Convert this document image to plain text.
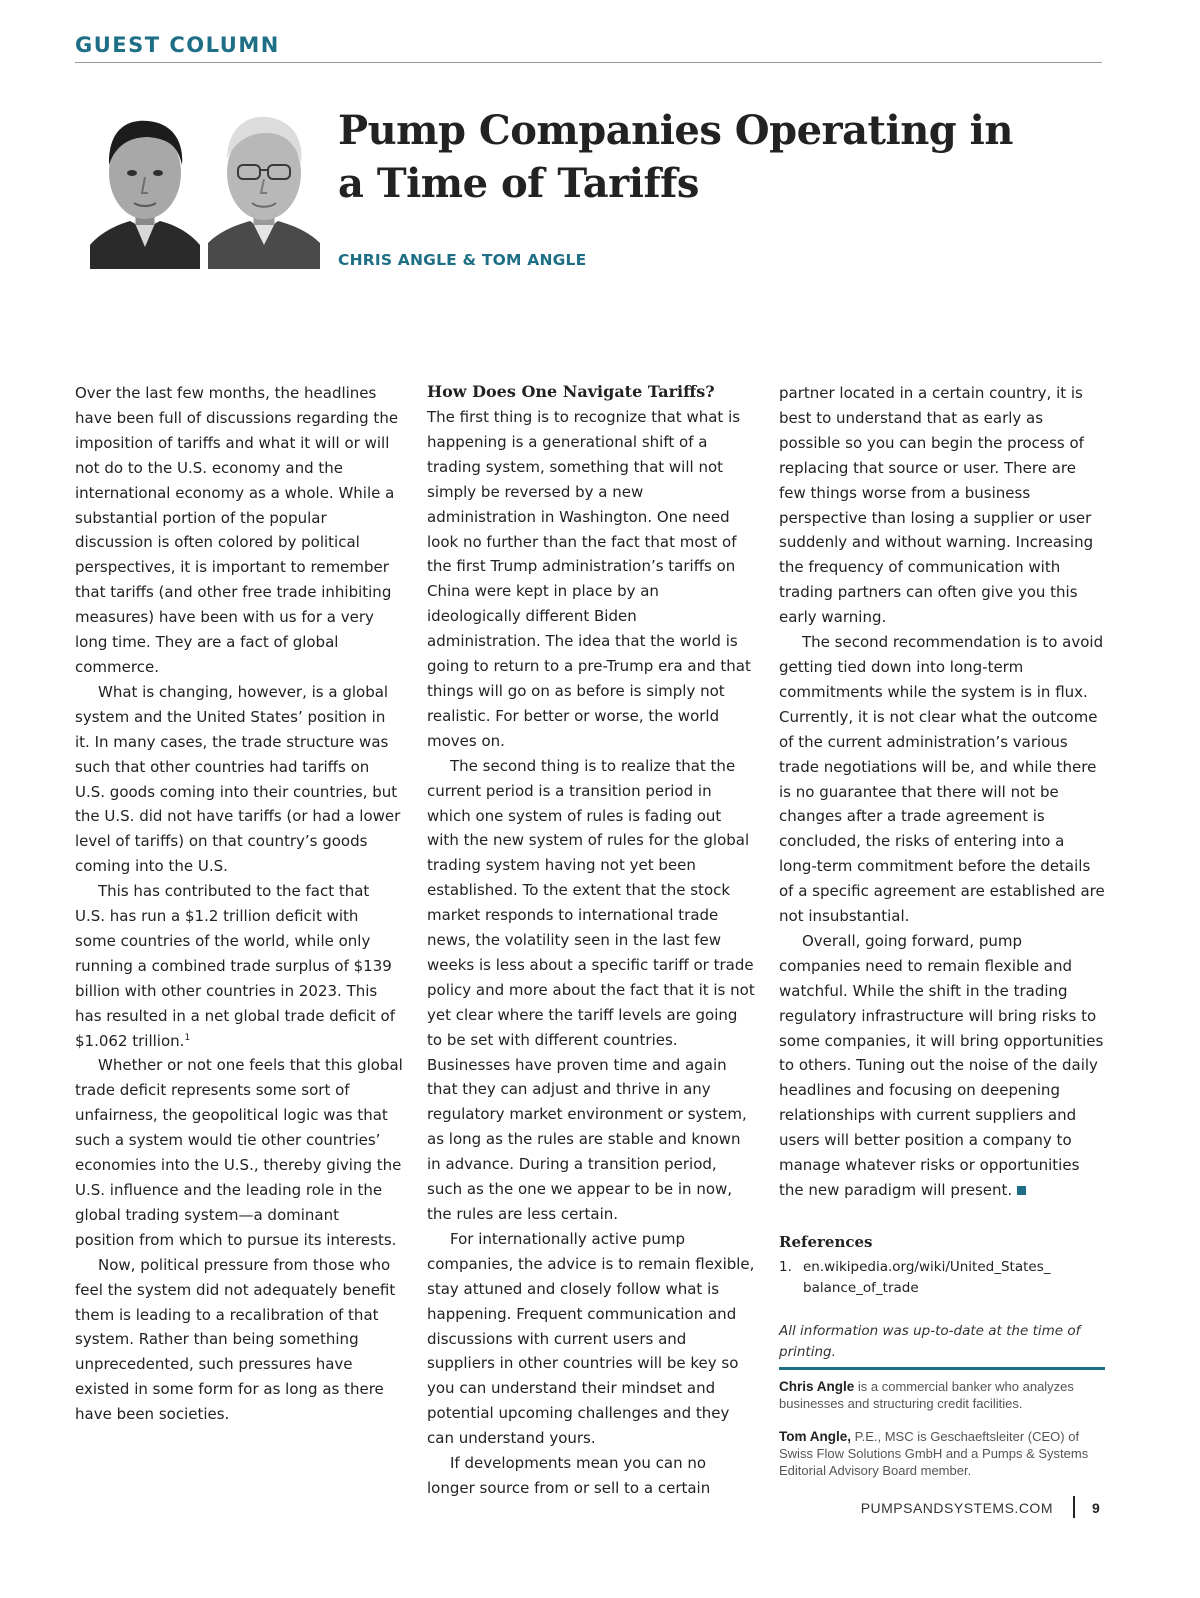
GUEST COLUMN
Pump Companies Operating in
a Time of Tariffs
CHRIS ANGLE & TOM ANGLE

Over the last few months, the headlines have been full of discussions regarding the imposition of tariffs and what it will or will not do to the U.S. economy and the international economy as a whole. While a substantial portion of the popular discussion is often colored by political perspectives, it is important to remember that tariffs (and other free trade inhibiting measures) have been with us for a very long time. They are a fact of global commerce.

What is changing, however, is a global system and the United States’ position in it. In many cases, the trade structure was such that other countries had tariffs on U.S. goods coming into their countries, but the U.S. did not have tariffs (or had a lower level of tariffs) on that country’s goods coming into the U.S.

This has contributed to the fact that U.S. has run a $1.2 trillion deficit with some countries of the world, while only running a combined trade surplus of $139 billion with other countries in 2023. This has resulted in a net global trade deficit of $1.062 trillion.$^1$

Whether or not one feels that this global trade deficit represents some sort of unfairness, the geopolitical logic was that such a system would tie other countries’ economies into the U.S., thereby giving the U.S. influence and the leading role in the global trading system—a dominant position from which to pursue its interests.

Now, political pressure from those who feel the system did not adequately benefit them is leading to a recalibration of that system. Rather than being something unprecedented, such pressures have existed in some form for as long as there have been societies.

How Does One Navigate Tariffs?

The first thing is to recognize that what is happening is a generational shift of a trading system, something that will not simply be reversed by a new administration in Washington. One need look no further than the fact that most of the first Trump administration’s tariffs on China were kept in place by an ideologically different Biden administration. The idea that the world is going to return to a pre-Trump era and that things will go on as before is simply not realistic. For better or worse, the world moves on.

The second thing is to realize that the current period is a transition period in which one system of rules is fading out with the new system of rules for the global trading system having not yet been established. To the extent that the stock market responds to international trade news, the volatility seen in the last few weeks is less about a specific tariff or trade policy and more about the fact that it is not yet clear where the tariff levels are going to be set with different countries. Businesses have proven time and again that they can adjust and thrive in any regulatory market environment or system, as long as the rules are stable and known in advance. During a transition period, such as the one we appear to be in now, the rules are less certain.

For internationally active pump companies, the advice is to remain flexible, stay attuned and closely follow what is happening. Frequent communication and discussions with current users and suppliers in other countries will be key so you can understand their mindset and potential upcoming challenges and they can understand yours.

If developments mean you can no longer source from or sell to a certain

partner located in a certain country, it is best to understand that as early as possible so you can begin the process of replacing that source or user. There are few things worse from a business perspective than losing a supplier or user suddenly and without warning. Increasing the frequency of communication with trading partners can often give you this early warning.

The second recommendation is to avoid getting tied down into long-term commitments while the system is in flux. Currently, it is not clear what the outcome of the current administration’s various trade negotiations will be, and while there is no guarantee that there will not be changes after a trade agreement is concluded, the risks of entering into a long-term commitment before the details of a specific agreement are established are not insubstantial.

Overall, going forward, pump companies need to remain flexible and watchful. While the shift in the trading regulatory infrastructure will bring risks to some companies, it will bring opportunities to others. Tuning out the noise of the daily headlines and focusing on deepening relationships with current suppliers and users will better position a company to manage whatever risks or opportunities the new paradigm will present.

References
1. en.wikipedia.org/wiki/United_States_ balance_of_trade
All information was up-to-date at the time of printing.
Chris Angle is a commercial banker who analyzes businesses and structuring credit facilities.
Tom Angle, P.E., MSC is Geschaeftsleiter (CEO) of Swiss Flow Solutions GmbH and a Pumps & Systems Editorial Advisory Board member.
PUMPSANDSYSTEMS.COM	9
